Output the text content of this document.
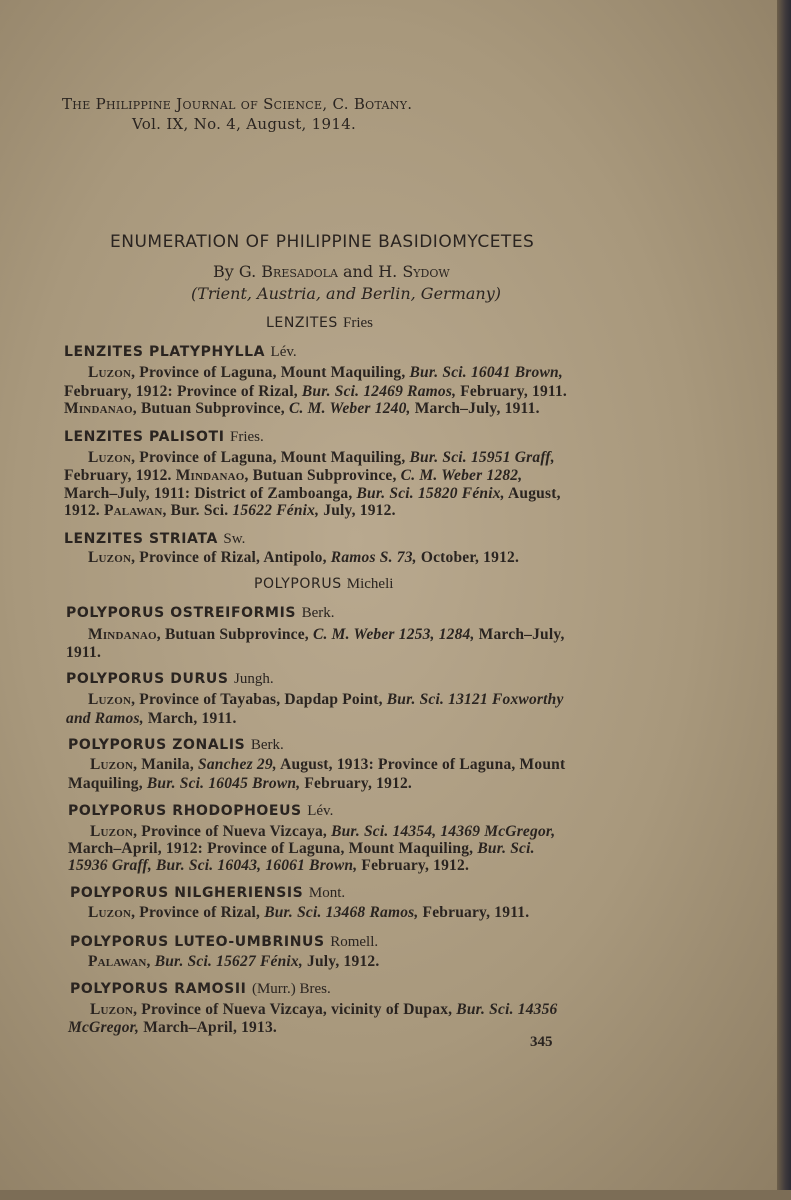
The Philippine Journal of Science, C. Botany.
Vol. IX, No. 4, August, 1914.
ENUMERATION OF PHILIPPINE BASIDIOMYCETES
By G. Bresadola and H. Sydow
(Trient, Austria, and Berlin, Germany)
LENZITES Fries
LENZITES PLATYPHYLLA Lév.
Luzon, Province of Laguna, Mount Maquiling, Bur. Sci. 16041 Brown,
February, 1912: Province of Rizal, Bur. Sci. 12469 Ramos, February, 1911.
Mindanao, Butuan Subprovince, C. M. Weber 1240, March–July, 1911.
LENZITES PALISOTI Fries.
Luzon, Province of Laguna, Mount Maquiling, Bur. Sci. 15951 Graff,
February, 1912. Mindanao, Butuan Subprovince, C. M. Weber 1282,
March–July, 1911: District of Zamboanga, Bur. Sci. 15820 Fénix, August,
1912. Palawan, Bur. Sci. 15622 Fénix, July, 1912.
LENZITES STRIATA Sw.
Luzon, Province of Rizal, Antipolo, Ramos S. 73, October, 1912.
POLYPORUS Micheli
POLYPORUS OSTREIFORMIS Berk.
Mindanao, Butuan Subprovince, C. M. Weber 1253, 1284, March–July,
1911.
POLYPORUS DURUS Jungh.
Luzon, Province of Tayabas, Dapdap Point, Bur. Sci. 13121 Foxworthy
and Ramos, March, 1911.
POLYPORUS ZONALIS Berk.
Luzon, Manila, Sanchez 29, August, 1913: Province of Laguna, Mount
Maquiling, Bur. Sci. 16045 Brown, February, 1912.
POLYPORUS RHODOPHOEUS Lév.
Luzon, Province of Nueva Vizcaya, Bur. Sci. 14354, 14369 McGregor,
March–April, 1912: Province of Laguna, Mount Maquiling, Bur. Sci.
15936 Graff, Bur. Sci. 16043, 16061 Brown, February, 1912.
POLYPORUS NILGHERIENSIS Mont.
Luzon, Province of Rizal, Bur. Sci. 13468 Ramos, February, 1911.
POLYPORUS LUTEO-UMBRINUS Romell.
Palawan, Bur. Sci. 15627 Fénix, July, 1912.
POLYPORUS RAMOSII (Murr.) Bres.
Luzon, Province of Nueva Vizcaya, vicinity of Dupax, Bur. Sci. 14356
McGregor, March–April, 1913.
345
